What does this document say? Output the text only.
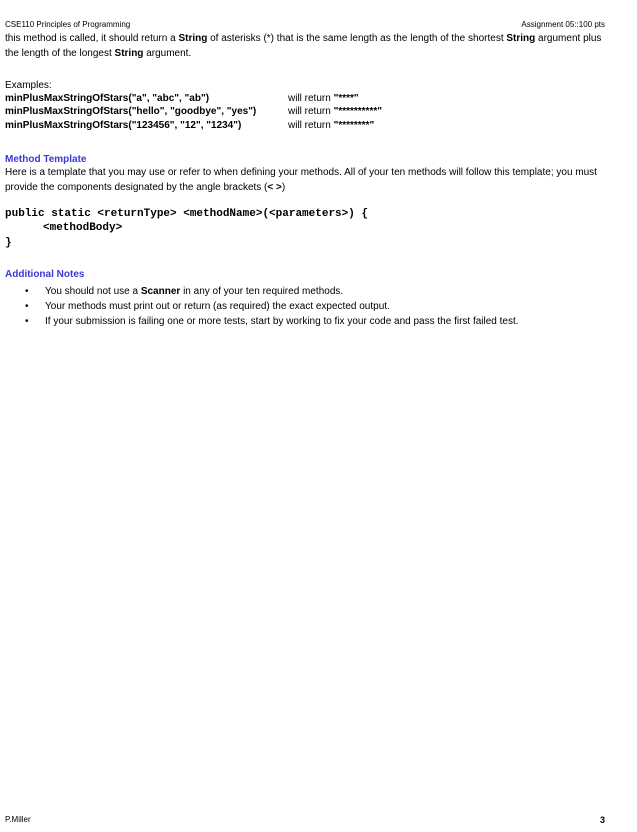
CSE110 Principles of Programming	Assignment 05::100 pts
this method is called, it should return a String of asterisks (*) that is the same length as the length of the shortest String argument plus the length of the longest String argument.
Examples:
minPlusMaxStringOfStars("a", "abc", "ab")	will return "****"
minPlusMaxStringOfStars("hello", "goodbye", "yes")	will return "**********"
minPlusMaxStringOfStars("123456", "12", "1234")	will return "********"
Method Template
Here is a template that you may use or refer to when defining your methods. All of your ten methods will follow this template; you must provide the components designated by the angle brackets (< >)
public static <returnType> <methodName>(<parameters>) {
<methodBody>
}
Additional Notes
• You should not use a Scanner in any of your ten required methods.
• Your methods must print out or return (as required) the exact expected output.
• If your submission is failing one or more tests, start by working to fix your code and pass the first failed test.
P.Miller	3
